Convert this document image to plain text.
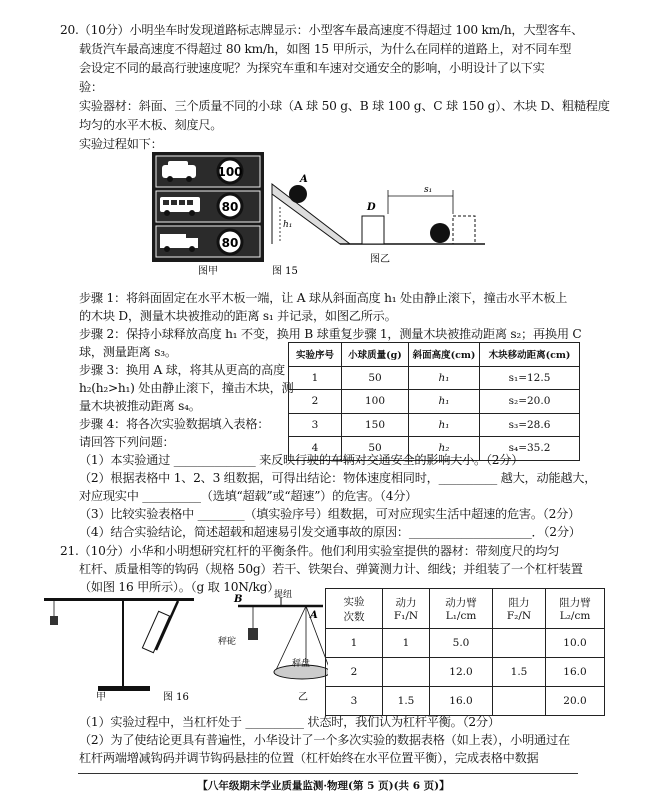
20.（10分）小明坐车时发现道路标志牌显示：小型客车最高速度不得超过 100 km/h，大型客车、
载货汽车最高速度不得超过 80 km/h，如图 15 甲所示，为什么在同样的道路上，对不同车型
会设定不同的最高行驶速度呢？为探究车重和车速对交通安全的影响，小明设计了以下实
验：
实验器材：斜面、三个质量不同的小球（A 球 50 g、B 球 100 g、C 球 150 g）、木块 D、粗糙程度
均匀的水平木板、刻度尺。
实验过程如下：
100
80
80
图甲	图 15
h₁
A
D
s₁
图乙
步骤 1：将斜面固定在水平木板一端，让 A 球从斜面高度 h₁ 处由静止滚下，撞击水平木板上
的木块 D，测量木块被推动的距离 s₁ 并记录，如图乙所示。
步骤 2：保持小球释放高度 h₁ 不变，换用 B 球重复步骤 1，测量木块被推动距离 s₂；再换用 C
球，测量距离 s₃。
步骤 3：换用 A 球，将其从更高的高度
h₂(h₂>h₁) 处由静止滚下，撞击木块，测
量木块被推动距离 s₄。
步骤 4：将各次实验数据填入表格：
请回答下列问题：
实验序号	小球质量(g)	斜面高度(cm)	木块移动距离(cm)
1	50	h₁	s₁=12.5
2	100	h₁	s₂=20.0
3	150	h₁	s₃=28.6
4	50	h₂	s₄=35.2
（1）本实验通过 ______________ 来反映行驶的车辆对交通安全的影响大小。（2分）
（2）根据表格中 1、2、3 组数据，可得出结论：物体速度相同时，__________ 越大，动能越大，
对应现实中 __________（选填“超载”或“超速”）的危害。（4分）
（3）比较实验表格中 ________（填实验序号）组数据，可对应现实生活中超速的危害。（2分）
（4）结合实验结论，简述超载和超速易引发交通事故的原因：_____________________．（2分）
21.（10分）小华和小明想研究杠杆的平衡条件。他们利用实验室提供的器材：带刻度尺的均匀
杠杆、质量相等的钩码（规格 50g）若干、铁架台、弹簧测力计、细线；并组装了一个杠杆装置
（如图 16 甲所示）。（g 取 10N/kg）
甲	图 16
B
A
提纽
秤砣
秤盘
乙
实验
次数	动力
F₁/N	动力臂
L₁/cm	阻力
F₂/N	阻力臂
L₂/cm
1	1	5.0		10.0
2		12.0	1.5	16.0
3	1.5	16.0		20.0
（1）实验过程中，当杠杆处于 __________ 状态时，我们认为杠杆平衡。（2分）
（2）为了使结论更具有普遍性，小华设计了一个多次实验的数据表格（如上表），小明通过在
杠杆两端增减钩码并调节钩码悬挂的位置（杠杆始终在水平位置平衡），完成表格中数据
【八年级期末学业质量监测·物理(第 5 页)(共 6 页)】
